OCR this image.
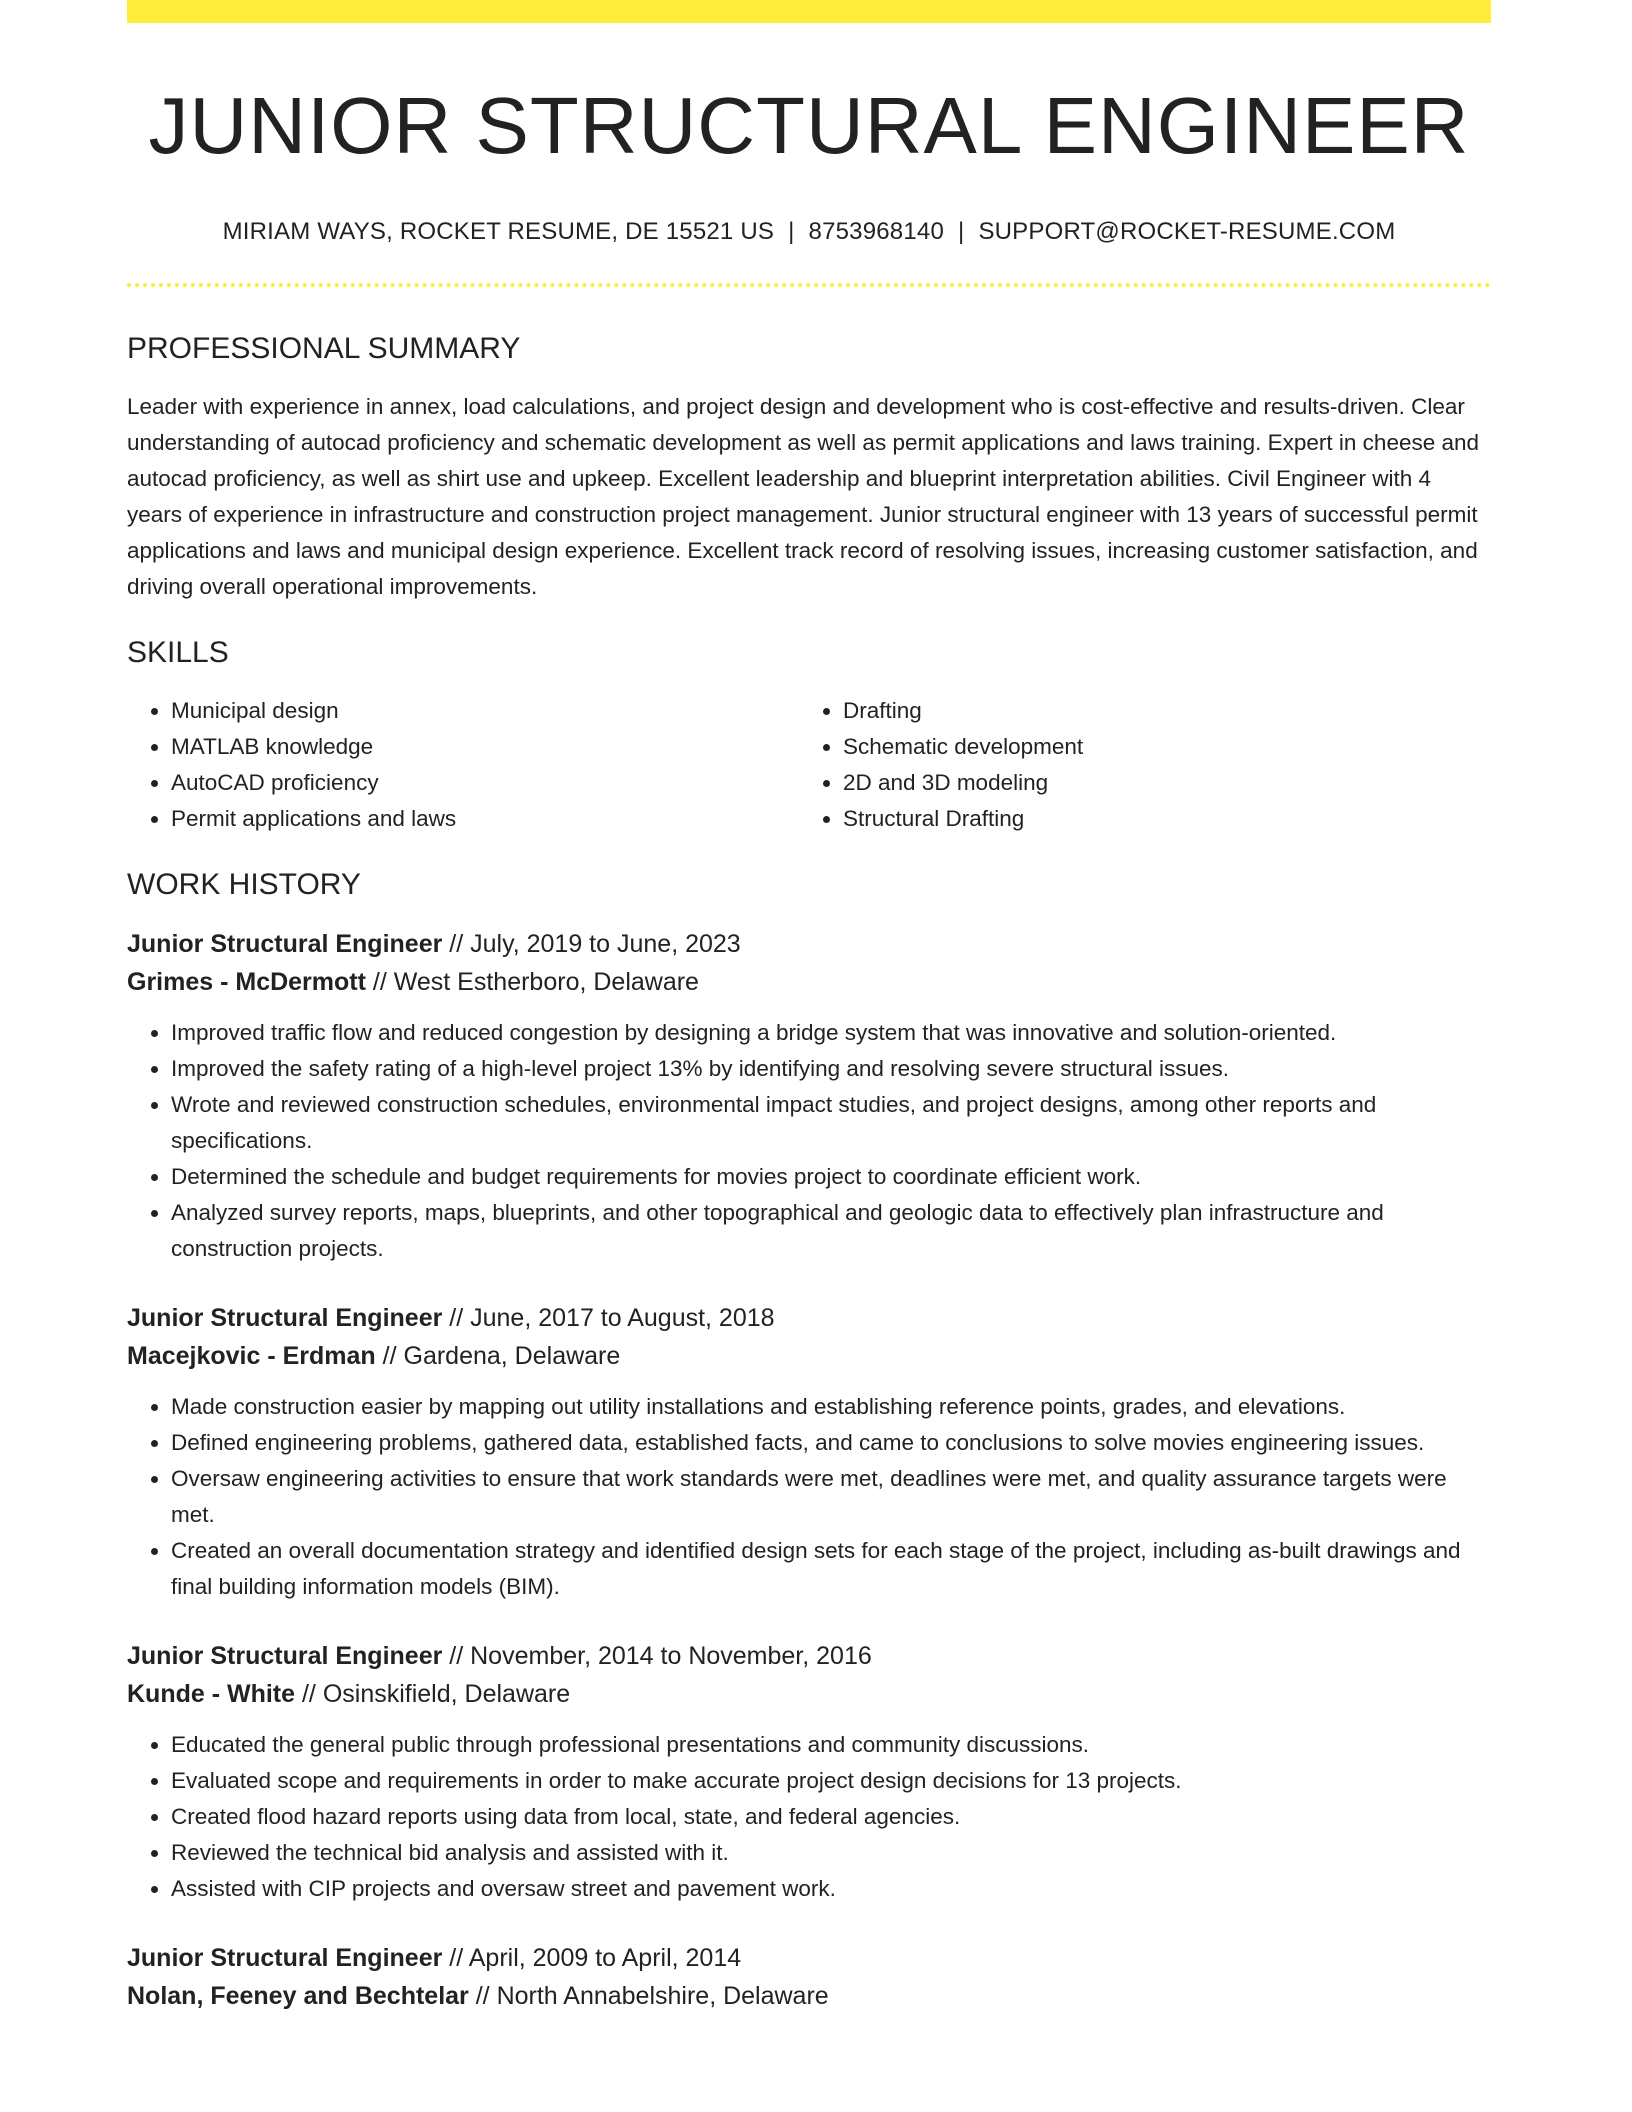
JUNIOR STRUCTURAL ENGINEER
MIRIAM WAYS, ROCKET RESUME, DE 15521 US | 8753968140 | SUPPORT@ROCKET-RESUME.COM
PROFESSIONAL SUMMARY

Leader with experience in annex, load calculations, and project design and development who is cost-effective and results-driven. Clear understanding of autocad proficiency and schematic development as well as permit applications and laws training. Expert in cheese and autocad proficiency, as well as shirt use and upkeep. Excellent leadership and blueprint interpretation abilities. Civil Engineer with 4 years of experience in infrastructure and construction project management. Junior structural engineer with 13 years of successful permit applications and laws and municipal design experience. Excellent track record of resolving issues, increasing customer satisfaction, and driving overall operational improvements.

SKILLS
• Municipal design
• MATLAB knowledge
• AutoCAD proficiency
• Permit applications and laws
• Drafting
• Schematic development
• 2D and 3D modeling
• Structural Drafting
WORK HISTORY
Junior Structural Engineer // July, 2019 to June, 2023
Grimes - McDermott // West Estherboro, Delaware
• Improved traffic flow and reduced congestion by designing a bridge system that was innovative and solution-oriented.
• Improved the safety rating of a high-level project 13% by identifying and resolving severe structural issues.
• Wrote and reviewed construction schedules, environmental impact studies, and project designs, among other reports and specifications.
• Determined the schedule and budget requirements for movies project to coordinate efficient work.
• Analyzed survey reports, maps, blueprints, and other topographical and geologic data to effectively plan infrastructure and construction projects.
Junior Structural Engineer // June, 2017 to August, 2018
Macejkovic - Erdman // Gardena, Delaware
• Made construction easier by mapping out utility installations and establishing reference points, grades, and elevations.
• Defined engineering problems, gathered data, established facts, and came to conclusions to solve movies engineering issues.
• Oversaw engineering activities to ensure that work standards were met, deadlines were met, and quality assurance targets were met.
• Created an overall documentation strategy and identified design sets for each stage of the project, including as-built drawings and final building information models (BIM).
Junior Structural Engineer // November, 2014 to November, 2016
Kunde - White // Osinskifield, Delaware
• Educated the general public through professional presentations and community discussions.
• Evaluated scope and requirements in order to make accurate project design decisions for 13 projects.
• Created flood hazard reports using data from local, state, and federal agencies.
• Reviewed the technical bid analysis and assisted with it.
• Assisted with CIP projects and oversaw street and pavement work.
Junior Structural Engineer // April, 2009 to April, 2014
Nolan, Feeney and Bechtelar // North Annabelshire, Delaware
